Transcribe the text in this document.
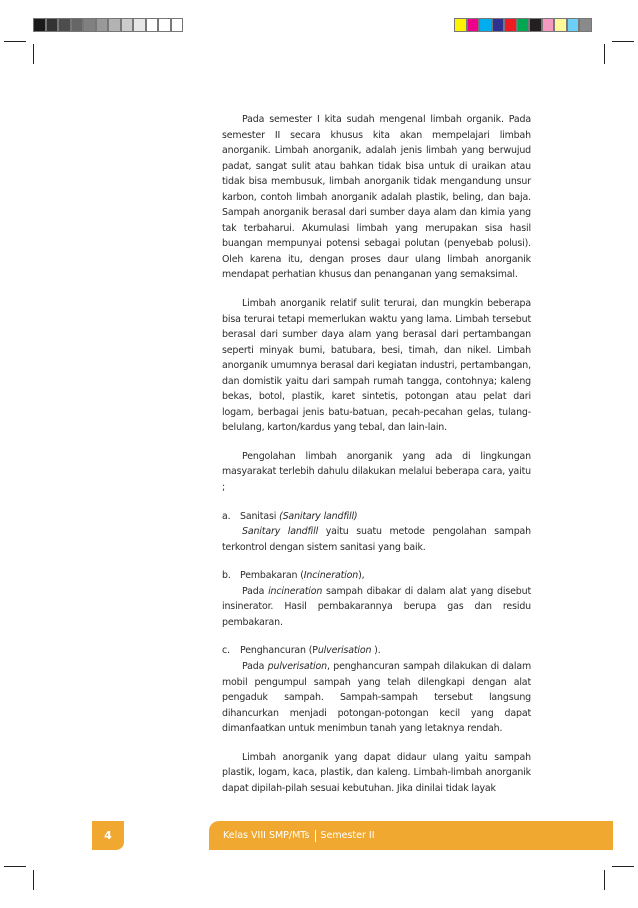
Pada semester I kita sudah mengenal limbah organik. Pada semester II secara khusus kita akan mempelajari limbah anorganik. Limbah anorganik, adalah jenis limbah yang berwujud padat, sangat sulit atau bahkan tidak bisa untuk di uraikan atau tidak bisa membusuk, limbah anorganik tidak mengandung unsur karbon, contoh limbah anorganik adalah plastik, beling, dan baja. Sampah anorganik berasal dari sumber daya alam dan kimia yang tak terbaharui. Akumulasi limbah yang merupakan sisa hasil buangan mempunyai potensi sebagai polutan (penyebab polusi). Oleh karena itu, dengan proses daur ulang limbah anorganik mendapat perhatian khusus dan penanganan yang semaksimal.

Limbah anorganik relatif sulit terurai, dan mungkin beberapa bisa terurai tetapi memerlukan waktu yang lama. Limbah tersebut berasal dari sumber daya alam yang berasal dari pertambangan seperti minyak bumi, batubara, besi, timah, dan nikel. Limbah anorganik umumnya berasal dari kegiatan industri, pertambangan, dan domistik yaitu dari sampah rumah tangga, contohnya; kaleng bekas, botol, plastik, karet sintetis, potongan atau pelat dari logam, berbagai jenis batu-batuan, pecah-pecahan gelas, tulang-belulang, karton/kardus yang tebal, dan lain-lain.

Pengolahan limbah anorganik yang ada di lingkungan masyarakat terlebih dahulu dilakukan melalui beberapa cara, yaitu ;

a.	Sanitasi (Sanitary landfill)

Sanitary landfill yaitu suatu metode pengolahan sampah terkontrol dengan sistem sanitasi yang baik.

b. Pembakaran (Incineration),

Pada incineration sampah dibakar di dalam alat yang disebut insinerator. Hasil pembakarannya berupa gas dan residu pembakaran.

c.	Penghancuran (Pulverisation ).

Pada pulverisation, penghancuran sampah dilakukan di dalam mobil pengumpul sampah yang telah dilengkapi dengan alat pengaduk sampah. Sampah-sampah tersebut langsung dihancurkan menjadi potongan-potongan kecil yang dapat dimanfaatkan untuk menimbun tanah yang letaknya rendah.

Limbah anorganik yang dapat didaur ulang yaitu sampah plastik, logam, kaca, plastik, dan kaleng. Limbah-limbah anorganik dapat dipilah-pilah sesuai kebutuhan. Jika dinilai tidak layak

4	Kelas VIII SMP/MTs Semester II
